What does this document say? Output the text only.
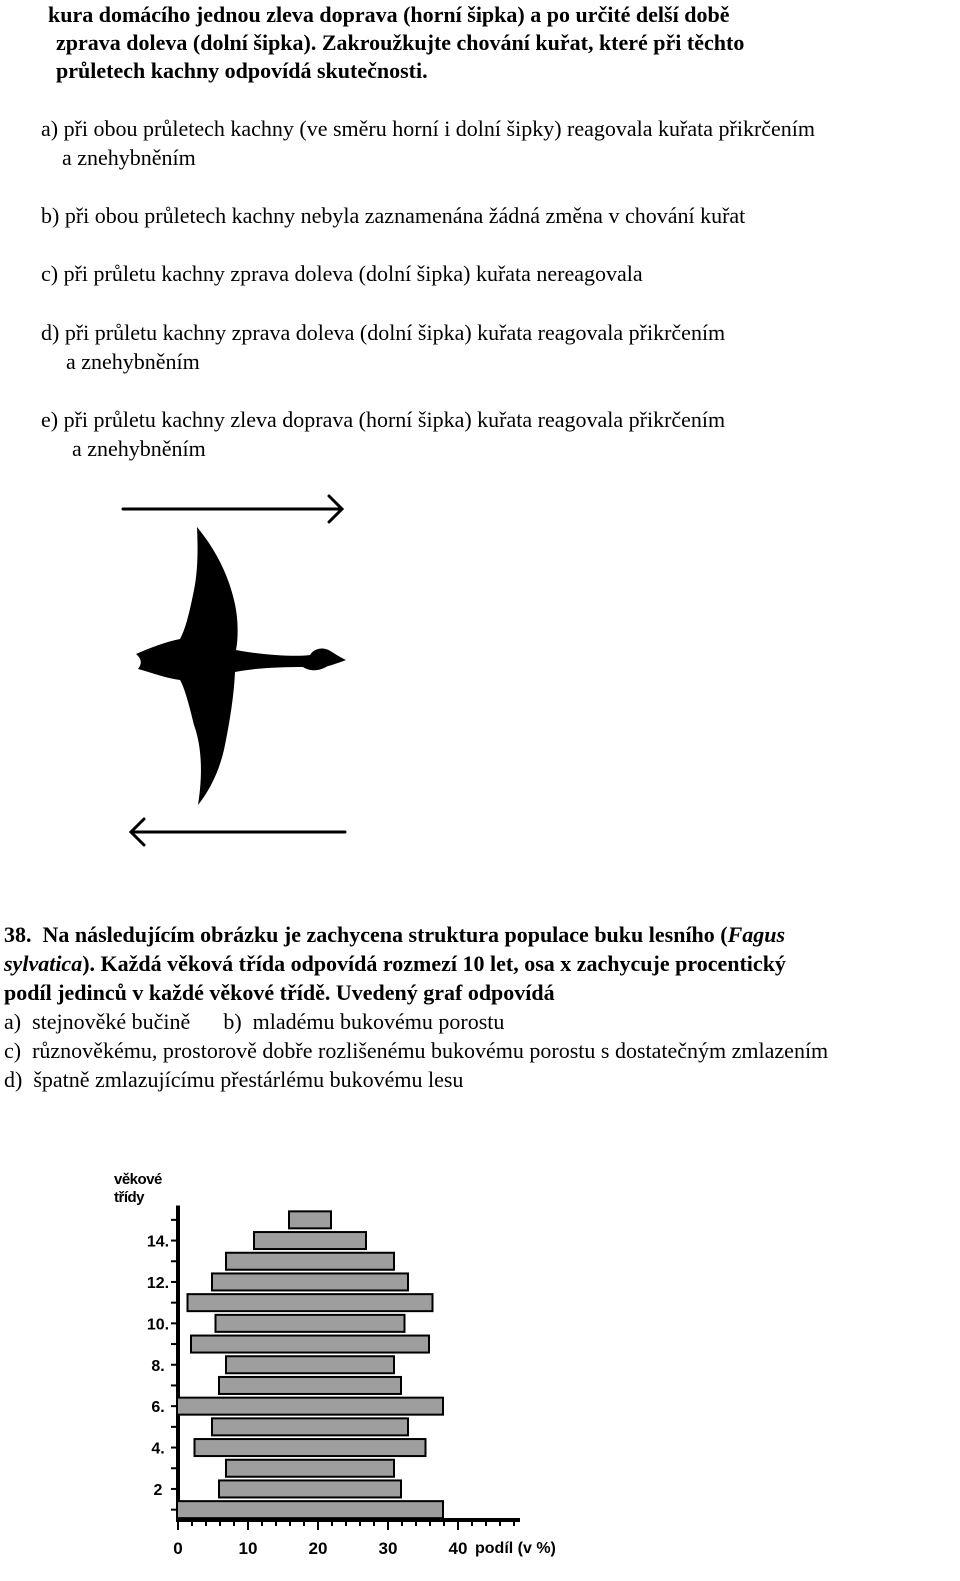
kura domácího jednou zleva doprava (horní šipka) a po určité delší době
zprava doleva (dolní šipka). Zakroužkujte chování kuřat, které při těchto
průletech kachny odpovídá skutečnosti.
a) při obou průletech kachny (ve směru horní i dolní šipky) reagovala kuřata přikrčením
a znehybněním
b) při obou průletech kachny nebyla zaznamenána žádná změna v chování kuřat
c) při průletu kachny zprava doleva (dolní šipka) kuřata nereagovala
d) při průletu kachny zprava doleva (dolní šipka) kuřata reagovala přikrčením
a znehybněním
e) při průletu kachny zleva doprava (horní šipka) kuřata reagovala přikrčením
a znehybněním
38. Na následujícím obrázku je zachycena struktura populace buku lesního (Fagus
sylvatica). Každá věková třída odpovídá rozmezí 10 let, osa x zachycuje procentický
podíl jedinců v každé věkové třídě. Uvedený graf odpovídá
a)  stejnověké bučině      b)  mladému bukovému porostu
c)  různověkému, prostorově dobře rozlišenému bukovému porostu s dostatečným zmlazením
d)  špatně zmlazujícímu přestárlému bukovému lesu
věkové
třídy
2
4.
6.
8.
10.
12.
14.
0	10	20	30	40 podíl (v %)
